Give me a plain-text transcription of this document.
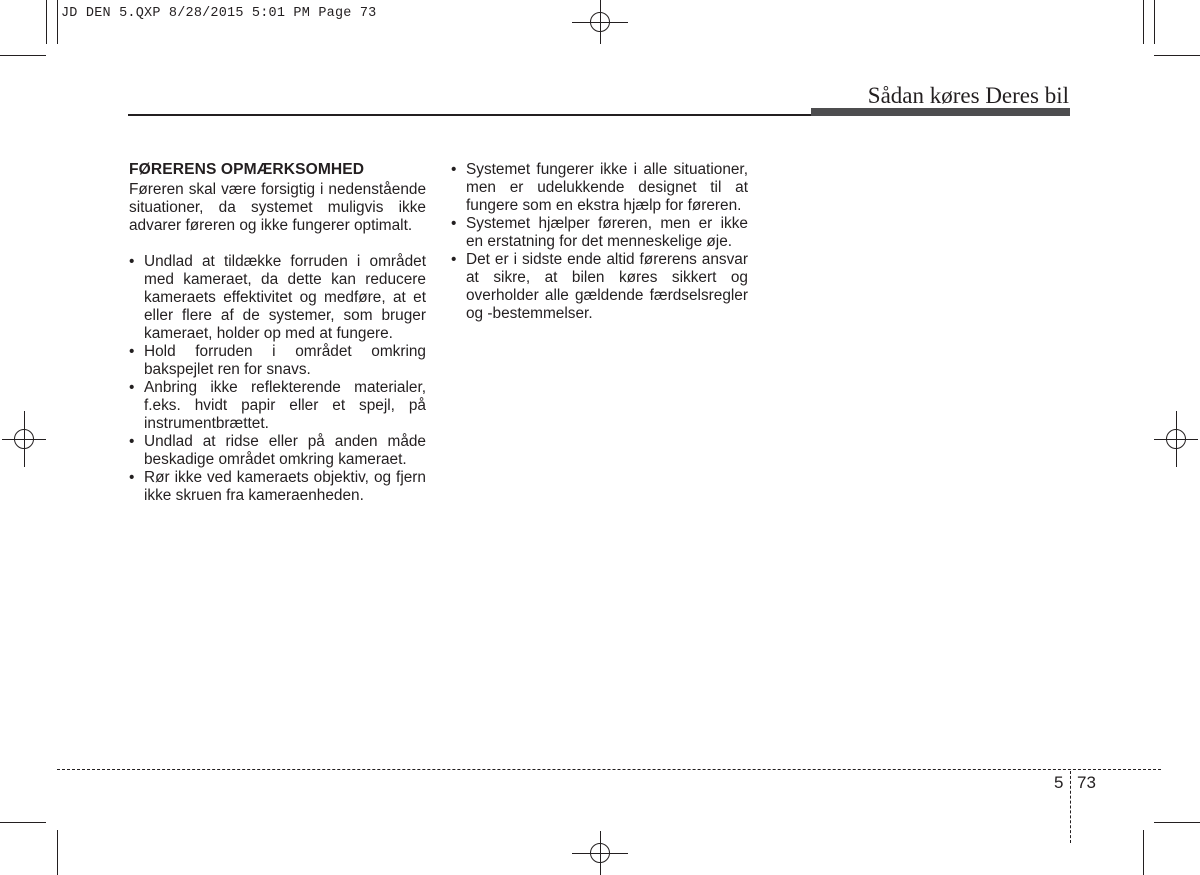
JD DEN 5.QXP 8/28/2015 5:01 PM Page 73
Sådan køres Deres bil
FØRERENS OPMÆRKSOMHED

Føreren skal være forsigtig i nedenstående situationer, da systemet muligvis ikke advarer føreren og ikke fungerer optimalt.

• Undlad at tildække forruden i området med kameraet, da dette kan reducere kameraets effektivitet og medføre, at et eller flere af de systemer, som bruger kameraet, holder op med at fungere.
• Hold forruden i området omkring bakspejlet ren for snavs.
• Anbring ikke reflekterende materialer, f.eks. hvidt papir eller et spejl, på instrumentbrættet.
• Undlad at ridse eller på anden måde beskadige området omkring kameraet.
• Rør ikke ved kameraets objektiv, og fjern ikke skruen fra kameraenheden.
• Systemet fungerer ikke i alle situationer, men er udelukkende designet til at fungere som en ekstra hjælp for føreren.
• Systemet hjælper føreren, men er ikke en erstatning for det menneskelige øje.
• Det er i sidste ende altid førerens ansvar at sikre, at bilen køres sikkert og overholder alle gældende færdselsregler og -bestemmelser.
5 73
